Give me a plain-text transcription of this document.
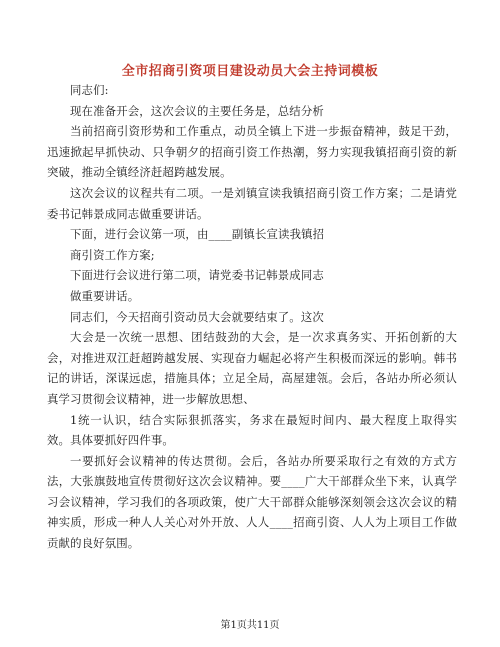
全市招商引资项目建设动员大会主持词模板

同志们:

现在准备开会，这次会议的主要任务是，总结分析

当前招商引资形势和工作重点，动员全镇上下进一步振奋精神，鼓足干劲，迅速掀起早抓快动、只争朝夕的招商引资工作热潮，努力实现我镇招商引资的新突破，推动全镇经济赶超跨越发展。

这次会议的议程共有二项。一是刘镇宣读我镇招商引资工作方案；二是请党委书记韩景成同志做重要讲话。

下面，进行会议第一项，由____副镇长宣读我镇招

商引资工作方案;

下面进行会议进行第二项，请党委书记韩景成同志

做重要讲话。

同志们，今天招商引资动员大会就要结束了。这次

大会是一次统一思想、团结鼓劲的大会，是一次求真务实、开拓创新的大会，对推进双江赶超跨越发展、实现奋力崛起必将产生积极而深远的影响。韩书记的讲话，深谋远虑，措施具体；立足全局，高屋建瓴。会后，各站办所必须认真学习贯彻会议精神，进一步解放思想、

1统一认识，结合实际狠抓落实，务求在最短时间内、最大程度上取得实效。具体要抓好四件事。

一要抓好会议精神的传达贯彻。会后，各站办所要采取行之有效的方式方法，大张旗鼓地宣传贯彻好这次会议精神。要____广大干部群众坐下来，认真学习会议精神，学习我们的各项政策，使广大干部群众能够深刻领会这次会议的精神实质，形成一种人人关心对外开放、人人____招商引资、人人为上项目工作做贡献的良好氛围。

第1页共11页
